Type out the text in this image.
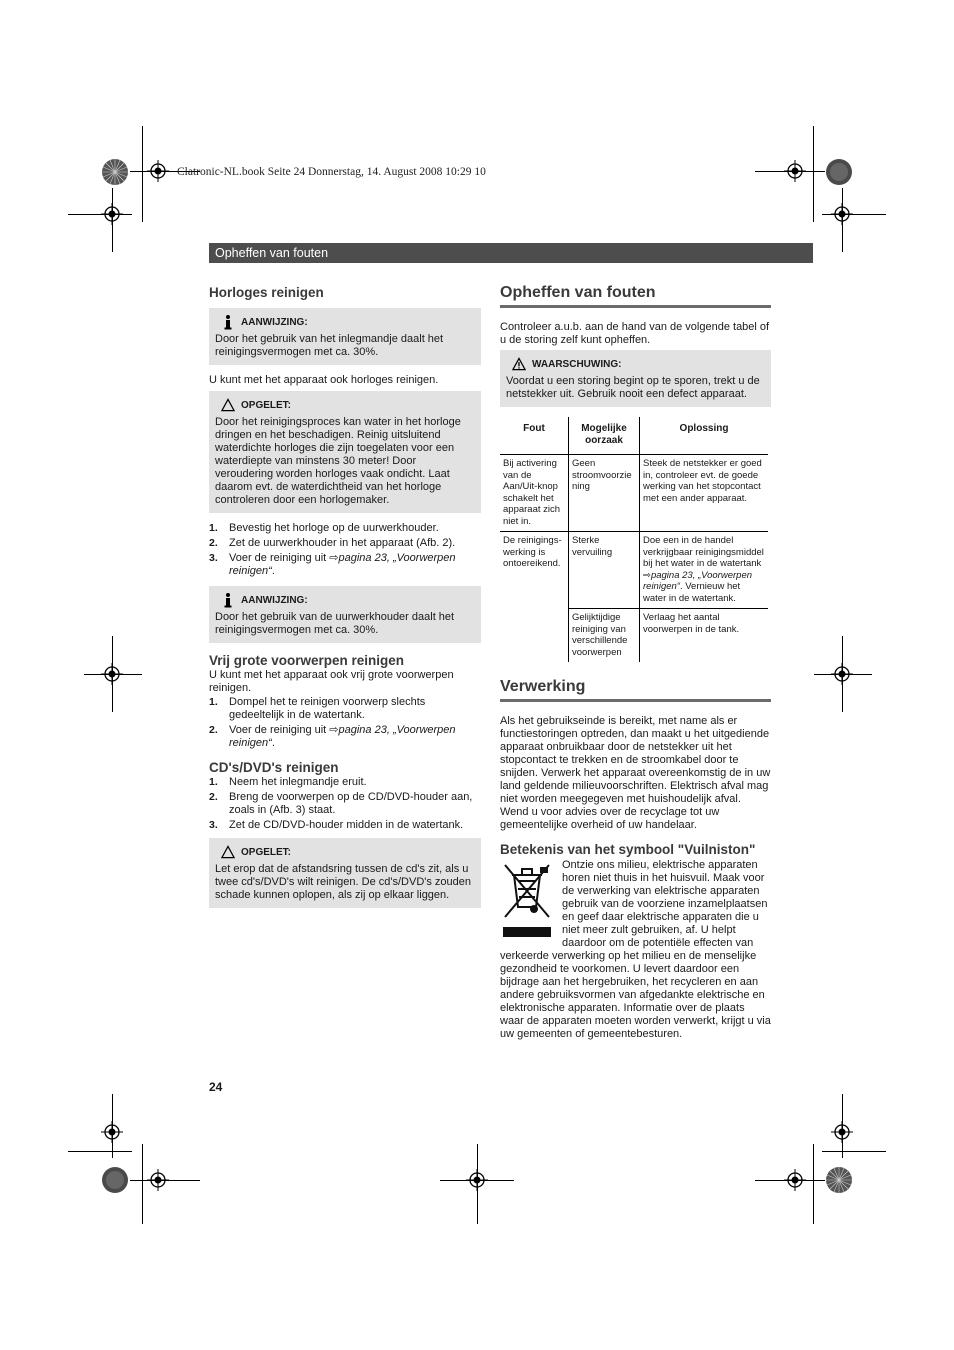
Clatronic-NL.book Seite 24 Donnerstag, 14. August 2008 10:29 10
Opheffen van fouten
Horloges reinigen
AANWIJZING:

Door het gebruik van het inlegmandje daalt het reinigingsvermogen met ca. 30%.

U kunt met het apparaat ook horloges reinigen.

OPGELET:

Door het reinigingsproces kan water in het horloge dringen en het beschadigen. Reinig uitsluitend waterdichte horloges die zijn toegelaten voor een waterdiepte van minstens 30 meter! Door veroudering worden horloges vaak ondicht. Laat daarom evt. de waterdichtheid van het horloge controleren door een horlogemaker.

1.	Bevestig het horloge op de uurwerkhouder.
2.	Zet de uurwerkhouder in het apparaat (Afb. 2).
3.	Voer de reiniging uit ⇨pagina 23, „Voorwerpen reinigen“.
AANWIJZING:

Door het gebruik van de uurwerkhouder daalt het reinigingsvermogen met ca. 30%.

Vrij grote voorwerpen reinigen

U kunt met het apparaat ook vrij grote voorwerpen reinigen.

1.	Dompel het te reinigen voorwerp slechts gedeeltelijk in de watertank.
2.	Voer de reiniging uit ⇨pagina 23, „Voorwerpen reinigen“.
CD's/DVD's reinigen
1.	Neem het inlegmandje eruit.
2.	Breng de voorwerpen op de CD/DVD-houder aan, zoals in (Afb. 3) staat.
3.	Zet de CD/DVD-houder midden in de watertank.
OPGELET:

Let erop dat de afstandsring tussen de cd's zit, als u twee cd's/DVD's wilt reinigen. De cd's/DVD's zouden schade kunnen oplopen, als zij op elkaar liggen.

Opheffen van fouten

Controleer a.u.b. aan de hand van de volgende tabel of u de storing zelf kunt opheffen.

WAARSCHUWING:

Voordat u een storing begint op te sporen, trekt u de netstekker uit. Gebruik nooit een defect apparaat.

Fout	Mogelijke oorzaak	Oplossing
Bij activering van de Aan/Uit-knop schakelt het apparaat zich niet in.	Geen stroomvoorzie ning	Steek de netstekker er goed in, controleer evt. de goede werking van het stopcontact met een ander apparaat.
De reinigings-werking is ontoereikend.	Sterke vervuiling	Doe een in de handel verkrijgbaar reinigingsmiddel bij het water in de watertank ⇨pagina 23, „Voorwerpen reinigen“. Vernieuw het water in de watertank.
	Gelijktijdige reiniging van verschillende voorwerpen	Verlaag het aantal voorwerpen in de tank.
Verwerking

Als het gebruikseinde is bereikt, met name als er functiestoringen optreden, dan maakt u het uitgediende apparaat onbruikbaar door de netstekker uit het stopcontact te trekken en de stroomkabel door te snijden. Verwerk het apparaat overeenkomstig de in uw land geldende milieuvoorschriften. Elektrisch afval mag niet worden meegegeven met huishoudelijk afval. Wend u voor advies over de recyclage tot uw gemeentelijke overheid of uw handelaar.

Betekenis van het symbool "Vuilniston"

Ontzie ons milieu, elektrische apparaten horen niet thuis in het huisvuil. Maak voor de verwerking van elektrische apparaten gebruik van de voorziene inzamelplaatsen en geef daar elektrische apparaten die u niet meer zult gebruiken, af. U helpt daardoor om de potentiële effecten van verkeerde verwerking op het milieu en de menselijke gezondheid te voorkomen. U levert daardoor een bijdrage aan het hergebruiken, het recycleren en aan andere gebruiksvormen van afgedankte elektrische en elektronische apparaten. Informatie over de plaats waar de apparaten moeten worden verwerkt, krijgt u via uw gemeenten of gemeentebesturen.

24
